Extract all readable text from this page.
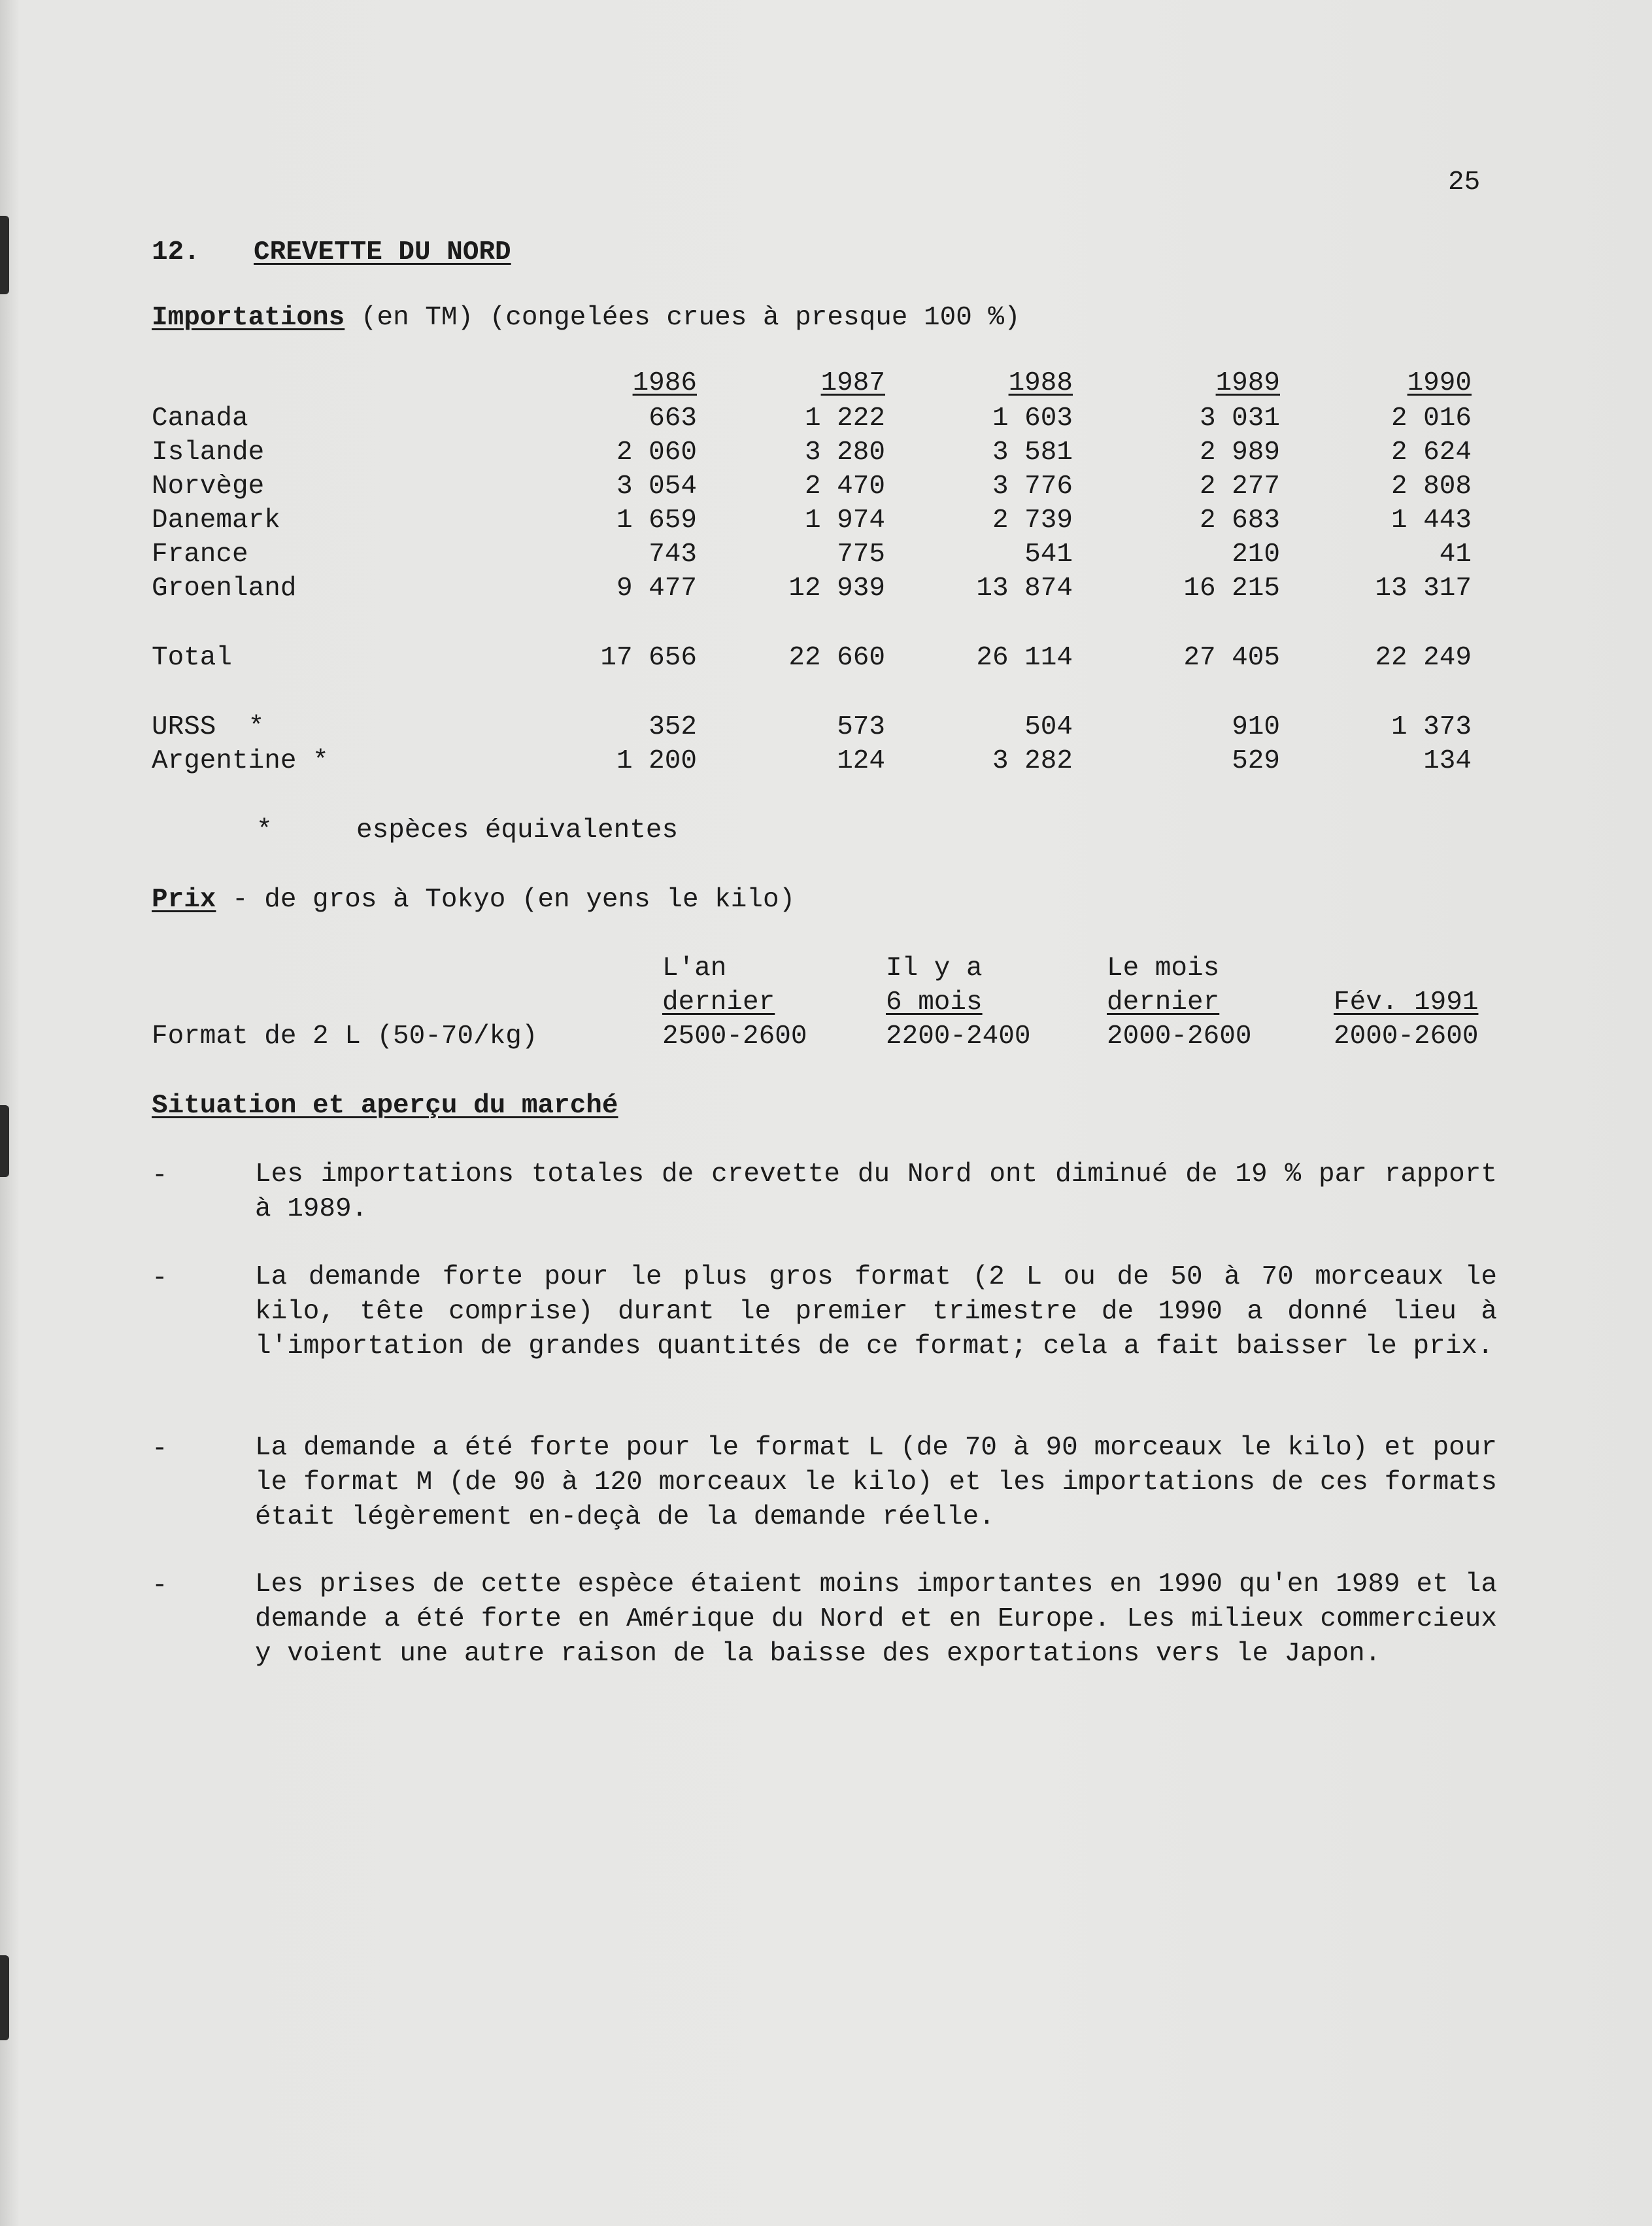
25
12. CREVETTE DU NORD
Importations (en TM) (congelées crues à presque 100 %)
1986	1987	1988	1989	1990
Canada	663	1 222	1 603	3 031	2 016
Islande	2 060	3 280	3 581	2 989	2 624
Norvège	3 054	2 470	3 776	2 277	2 808
Danemark	1 659	1 974	2 739	2 683	1 443
France	743	775	541	210	41
Groenland	9 477	12 939	13 874	16 215	13 317
Total	17 656	22 660	26 114	27 405	22 249
URSS  *	352	573	504	910	1 373
Argentine *	1 200	124	3 282	529	134
*	espèces équivalentes
Prix - de gros à Tokyo (en yens le kilo)
L'an	Il y a	Le mois
dernier	6 mois	dernier	Fév. 1991
Format de 2 L (50-70/kg)	2500-2600	2200-2400	2000-2600	2000-2600
Situation et aperçu du marché
-	Les importations totales de crevette du Nord ont diminué de 19 % par rapport à 1989.
-	La demande forte pour le plus gros format (2 L ou de 50 à 70 morceaux le kilo, tête comprise) durant le premier trimestre de 1990 a donné lieu à l'importation de grandes quantités de ce format; cela a fait baisser le prix.
-	La demande a été forte pour le format L (de 70 à 90 morceaux le kilo) et pour le format M (de 90 à 120 morceaux le kilo) et les importations de ces formats était légèrement en-deçà de la demande réelle.
-	Les prises de cette espèce étaient moins importantes en 1990 qu'en 1989 et la demande a été forte en Amérique du Nord et en Europe. Les milieux commercieux y voient une autre raison de la baisse des exportations vers le Japon.
